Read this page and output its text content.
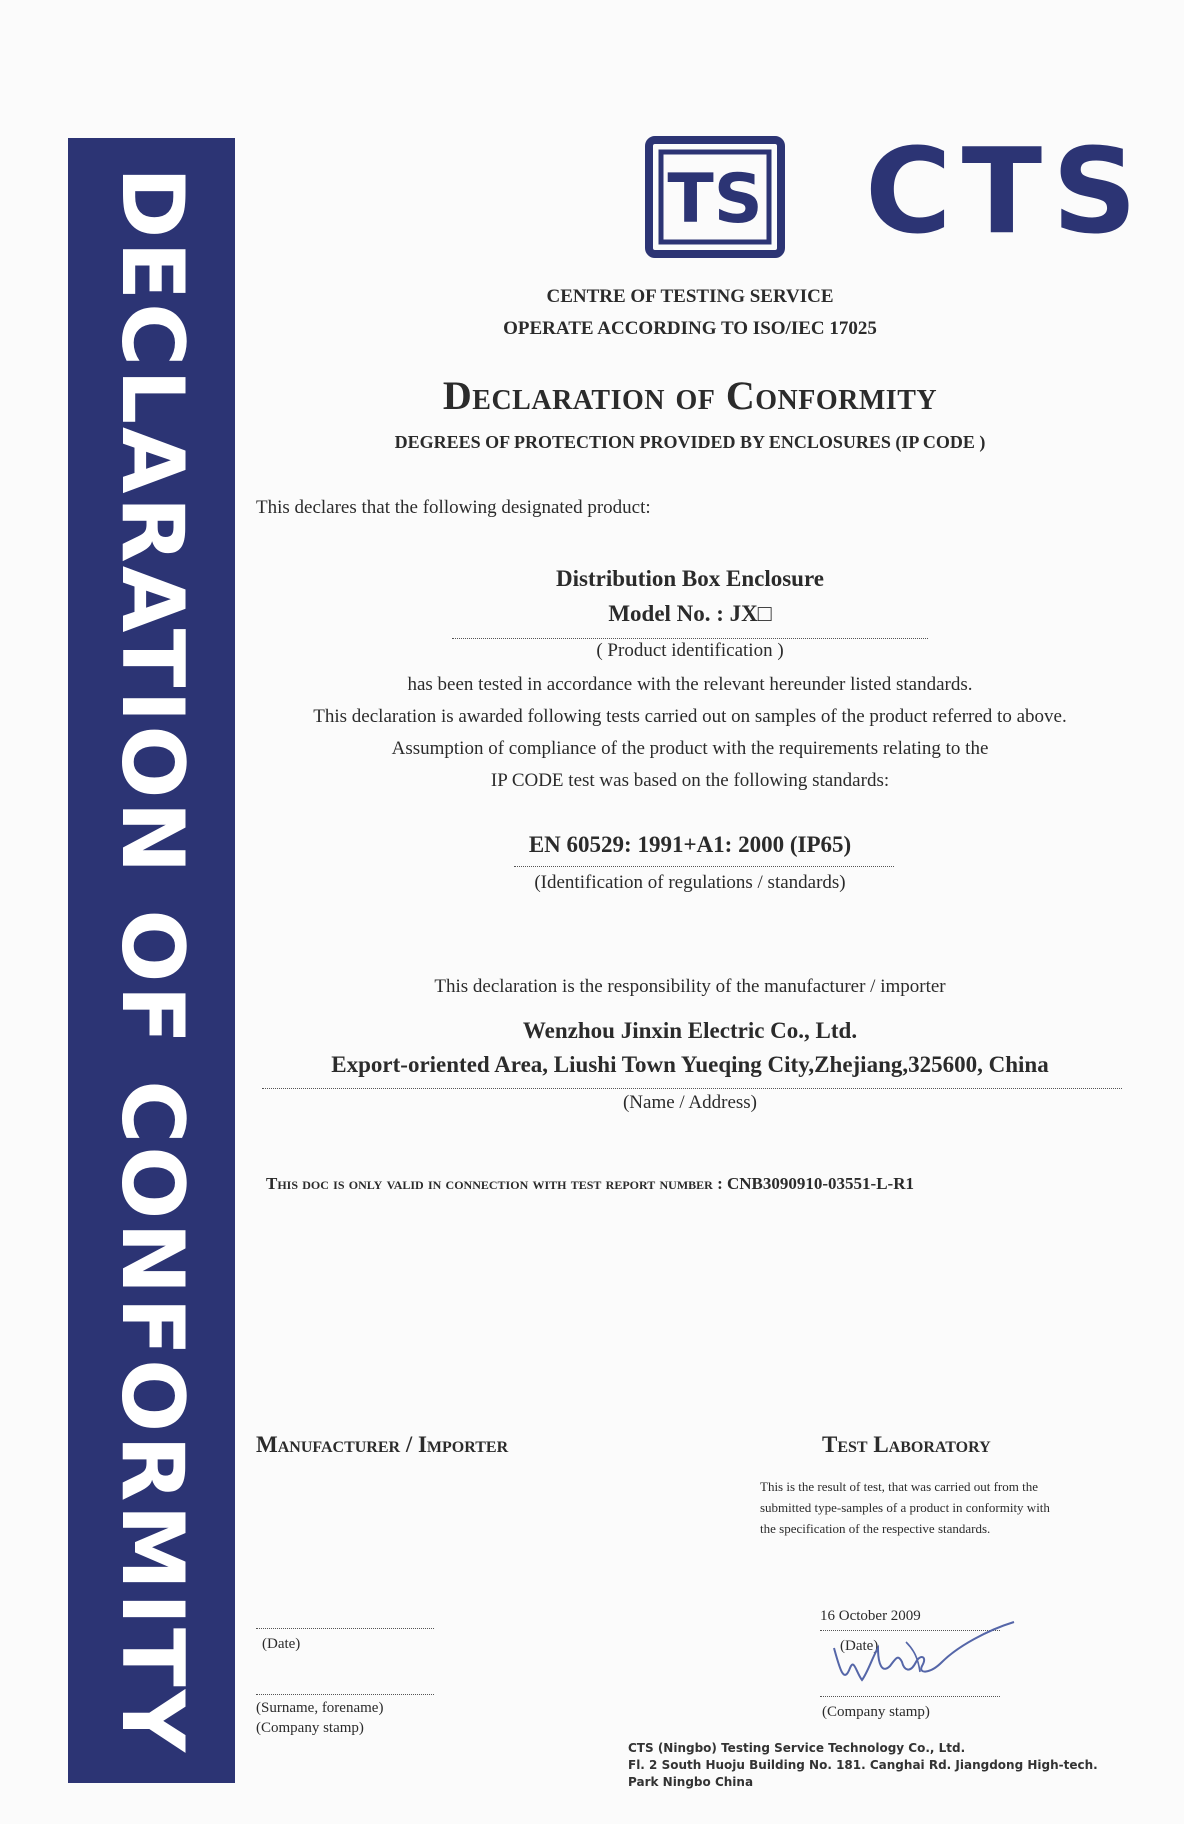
DECLARATION OF CONFORMITY	TS CTS
CENTRE OF TESTING SERVICE
OPERATE ACCORDING TO ISO/IEC 17025
Declaration of Conformity
DEGREES OF PROTECTION PROVIDED BY ENCLOSURES (IP CODE )
This declares that the following designated product:
Distribution Box Enclosure
Model No. : JX□
( Product identification )
has been tested in accordance with the relevant hereunder listed standards.
This declaration is awarded following tests carried out on samples of the product referred to above.
Assumption of compliance of the product with the requirements relating to the
IP CODE test was based on the following standards:
EN 60529: 1991+A1: 2000 (IP65)
(Identification of regulations / standards)
This declaration is the responsibility of the manufacturer / importer
Wenzhou Jinxin Electric Co., Ltd.
Export-oriented Area, Liushi Town Yueqing City,Zhejiang,325600, China
(Name / Address)
This doc is only valid in connection with test report number : CNB3090910-03551-L-R1
Manufacturer / Importer
(Date)
(Surname, forename)
(Company stamp)
Test Laboratory
This is the result of test, that was carried out from the
submitted type-samples of a product in conformity with
the specification of the respective standards.
16 October 2009
(Date)
(Company stamp)
CTS (Ningbo) Testing Service Technology Co., Ltd.
Fl. 2 South Huoju Building No. 181. Canghai Rd. Jiangdong High-tech.
Park Ningbo China
